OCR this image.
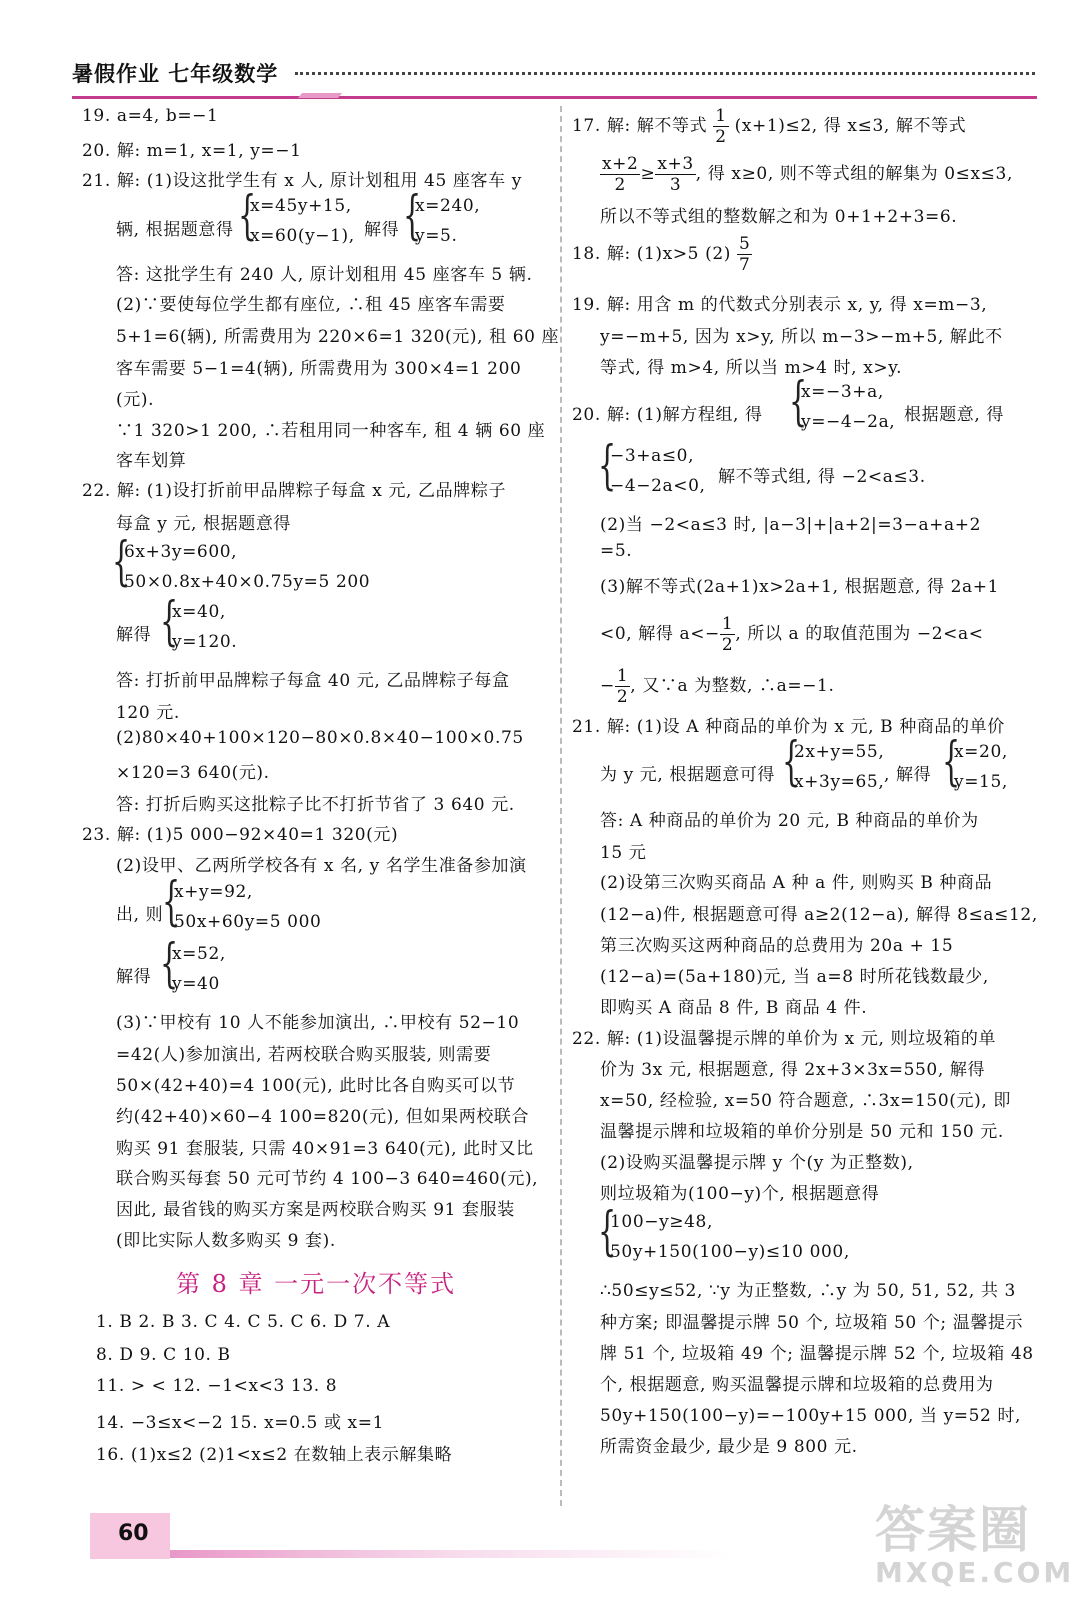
暑假作业 七年级数学
19. a=4, b=−1
20. 解: m=1, x=1, y=−1
21. 解: (1)设这批学生有 x 人, 原计划租用 45 座客车 y
辆, 根据题意得 {
x=45y+15,
x=60(y−1), 解得 {
x=240,
y=5.
答: 这批学生有 240 人, 原计划租用 45 座客车 5 辆.
(2)∵要使每位学生都有座位, ∴租 45 座客车需要
5+1=6(辆), 所需费用为 220×6=1 320(元), 租 60 座
客车需要 5−1=4(辆), 所需费用为 300×4=1 200
(元).
∵1 320>1 200, ∴若租用同一种客车, 租 4 辆 60 座
客车划算
22. 解: (1)设打折前甲品牌粽子每盒 x 元, 乙品牌粽子
每盒 y 元, 根据题意得
{
6x+3y=600,
50×0.8x+40×0.75y=5 200
解得 {
x=40,
y=120.
答: 打折前甲品牌粽子每盒 40 元, 乙品牌粽子每盒
120 元.
(2)80×40+100×120−80×0.8×40−100×0.75
×120=3 640(元).
答: 打折后购买这批粽子比不打折节省了 3 640 元.
23. 解: (1)5 000−92×40=1 320(元)
(2)设甲、乙两所学校各有 x 名, y 名学生准备参加演
出, 则
{
x+y=92,
50x+60y=5 000
解得 {
x=52,
y=40
(3)∵甲校有 10 人不能参加演出, ∴甲校有 52−10
=42(人)参加演出, 若两校联合购买服装, 则需要
50×(42+40)=4 100(元), 此时比各自购买可以节
约(42+40)×60−4 100=820(元), 但如果两校联合
购买 91 套服装, 只需 40×91=3 640(元), 此时又比
联合购买每套 50 元可节约 4 100−3 640=460(元),
因此, 最省钱的购买方案是两校联合购买 91 套服装
(即比实际人数多购买 9 套).
第 8 章 一元一次不等式
1. B 2. B 3. C 4. C 5. C 6. D 7. A
8. D 9. C 10. B
11. > < 12. −1<x<3 13. 8
14. −3≤x<−2 15. x=0.5 或 x=1
16. (1)x≤2 (2)1<x≤2 在数轴上表示解集略
17. 解: 解不等式 $\frac{1}{2} (x+1)\le 2$, 得 x≤3, 解不等式
$\frac{x+2}{2} \ge \frac{x+3}{3}$ , 得 x≥0, 则不等式组的解集为 0≤x≤3,
所以不等式组的整数解之和为 0+1+2+3=6.
18. 解: (1)x>5 $(2) \frac{5}{7}$
19. 解: 用含 m 的代数式分别表示 x, y, 得 x=m−3,
y=−m+5, 因为 x>y, 所以 m−3>−m+5, 解此不
等式, 得 m>4, 所以当 m>4 时, x>y.
20. 解: (1)解方程组, 得 {
x=−3+a,
y=−4−2a, 根据题意, 得
{
−3+a≤0,
−4−2a<0, 解不等式组, 得 −2<a≤3.
(2)当 −2<a≤3 时, |a−3|+|a+2|=3−a+a+2
=5.
(3)解不等式(2a+1)x>2a+1, 根据题意, 得 2a+1
<0, 解得 $a<- \frac{1}{2}$ , 所以 a 的取值范围为 −2<a<
− $\frac{1}{2}$ , 又∵a 为整数, ∴a=−1.
21. 解: (1)设 A 种商品的单价为 x 元, B 种商品的单价
为 y 元, 根据题意可得 {
2x+y=55,
x+3y=65, , 解得 {
x=20,
y=15,
答: A 种商品的单价为 20 元, B 种商品的单价为
15 元
(2)设第三次购买商品 A 种 a 件, 则购买 B 种商品
(12−a)件, 根据题意可得 a≥2(12−a), 解得 8≤a≤12,
第三次购买这两种商品的总费用为 20a + 15
(12−a)=(5a+180)元, 当 a=8 时所花钱数最少,
即购买 A 商品 8 件, B 商品 4 件.
22. 解: (1)设温馨提示牌的单价为 x 元, 则垃圾箱的单
价为 3x 元, 根据题意, 得 2x+3×3x=550, 解得
x=50, 经检验, x=50 符合题意, ∴3x=150(元), 即
温馨提示牌和垃圾箱的单价分别是 50 元和 150 元.
(2)设购买温馨提示牌 y 个(y 为正整数),
则垃圾箱为(100−y)个, 根据题意得
{
100−y≥48,
50y+150(100−y)≤10 000,
∴50≤y≤52, ∵y 为正整数, ∴y 为 50, 51, 52, 共 3
种方案; 即温馨提示牌 50 个, 垃圾箱 50 个; 温馨提示
牌 51 个, 垃圾箱 49 个; 温馨提示牌 52 个, 垃圾箱 48
个, 根据题意, 购买温馨提示牌和垃圾箱的总费用为
50y+150(100−y)=−100y+15 000, 当 y=52 时,
所需资金最少, 最少是 9 800 元.
60	答案圈
MXQE.COM
